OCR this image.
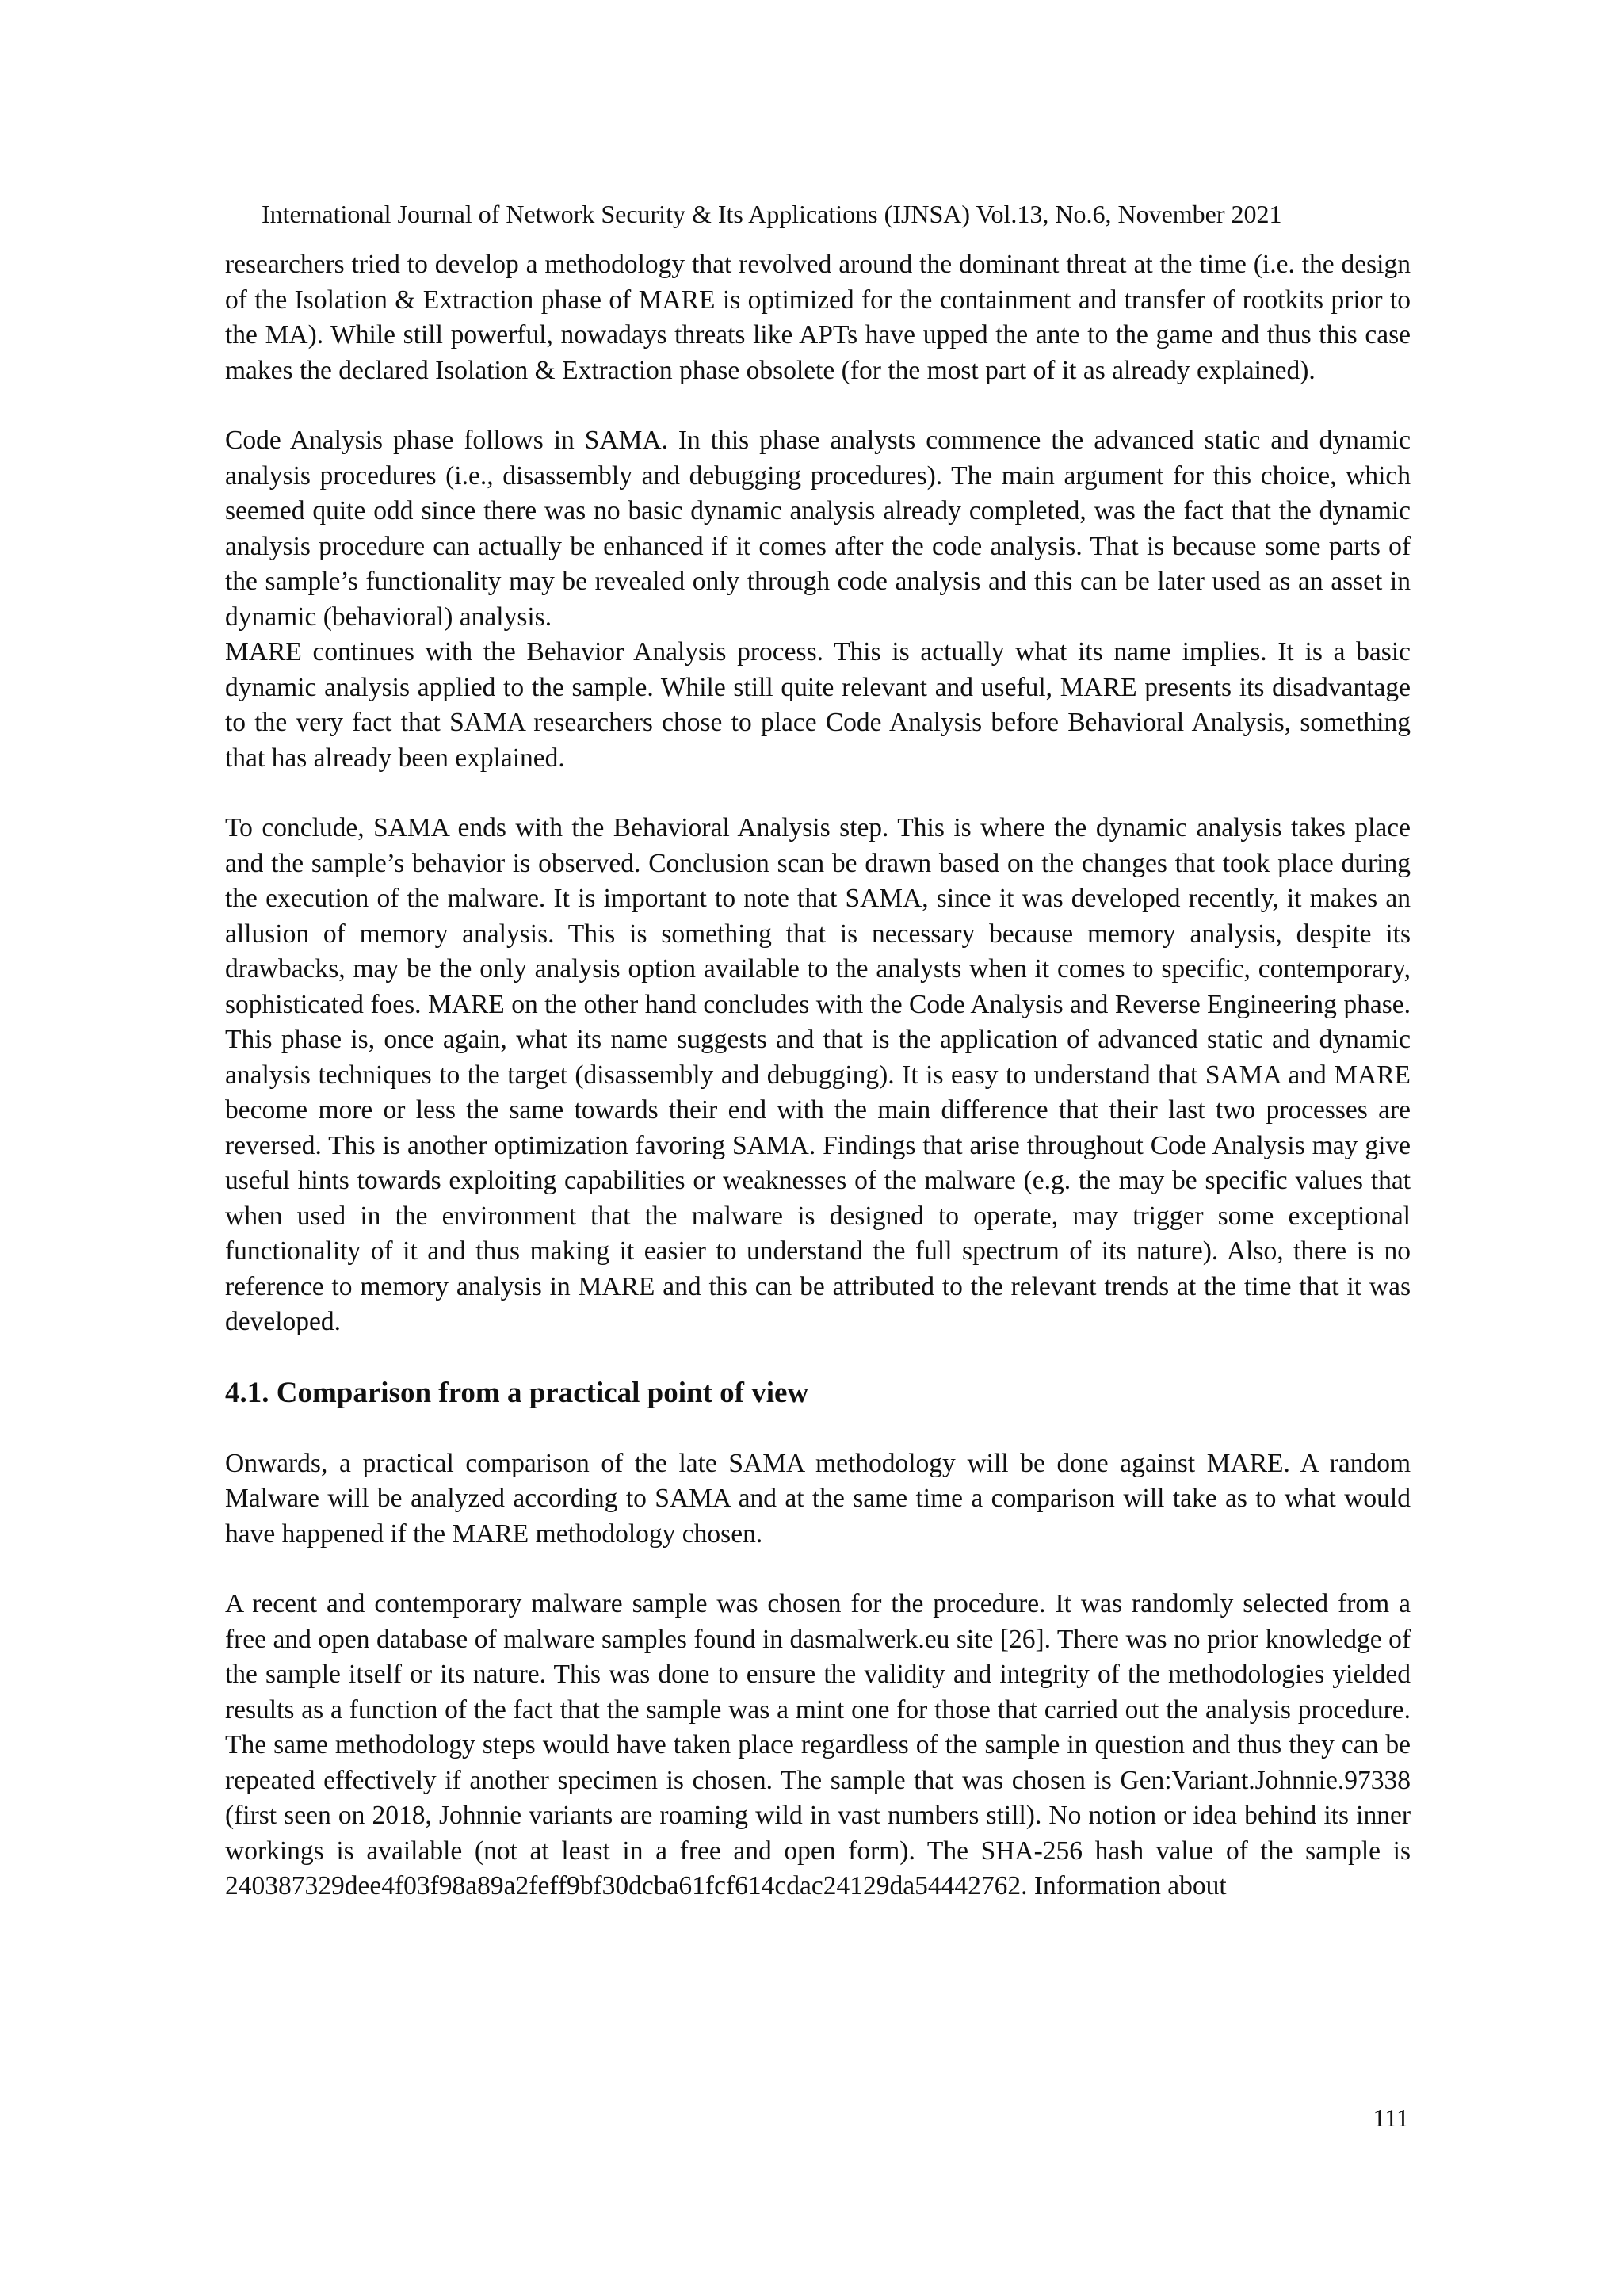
International Journal of Network Security & Its Applications (IJNSA) Vol.13, No.6, November 2021

researchers tried to develop a methodology that revolved around the dominant threat at the time (i.e. the design of the Isolation & Extraction phase of MARE is optimized for the containment and transfer of rootkits prior to the MA). While still powerful, nowadays threats like APTs have upped the ante to the game and thus this case makes the declared Isolation & Extraction phase obsolete (for the most part of it as already explained).

Code Analysis phase follows in SAMA. In this phase analysts commence the advanced static and dynamic analysis procedures (i.e., disassembly and debugging procedures). The main argument for this choice, which seemed quite odd since there was no basic dynamic analysis already completed, was the fact that the dynamic analysis procedure can actually be enhanced if it comes after the code analysis. That is because some parts of the sample’s functionality may be revealed only through code analysis and this can be later used as an asset in dynamic (behavioral) analysis.

MARE continues with the Behavior Analysis process. This is actually what its name implies. It is a basic dynamic analysis applied to the sample. While still quite relevant and useful, MARE presents its disadvantage to the very fact that SAMA researchers chose to place Code Analysis before Behavioral Analysis, something that has already been explained.

To conclude, SAMA ends with the Behavioral Analysis step. This is where the dynamic analysis takes place and the sample’s behavior is observed. Conclusion scan be drawn based on the changes that took place during the execution of the malware. It is important to note that SAMA, since it was developed recently, it makes an allusion of memory analysis. This is something that is necessary because memory analysis, despite its drawbacks, may be the only analysis option available to the analysts when it comes to specific, contemporary, sophisticated foes. MARE on the other hand concludes with the Code Analysis and Reverse Engineering phase. This phase is, once again, what its name suggests and that is the application of advanced static and dynamic analysis techniques to the target (disassembly and debugging). It is easy to understand that SAMA and MARE become more or less the same towards their end with the main difference that their last two processes are reversed. This is another optimization favoring SAMA. Findings that arise throughout Code Analysis may give useful hints towards exploiting capabilities or weaknesses of the malware (e.g. the may be specific values that when used in the environment that the malware is designed to operate, may trigger some exceptional functionality of it and thus making it easier to understand the full spectrum of its nature). Also, there is no reference to memory analysis in MARE and this can be attributed to the relevant trends at the time that it was developed.

4.1. Comparison from a practical point of view

Onwards, a practical comparison of the late SAMA methodology will be done against MARE. A random Malware will be analyzed according to SAMA and at the same time a comparison will take as to what would have happened if the MARE methodology chosen.

A recent and contemporary malware sample was chosen for the procedure. It was randomly selected from a free and open database of malware samples found in dasmalwerk.eu site [26]. There was no prior knowledge of the sample itself or its nature. This was done to ensure the validity and integrity of the methodologies yielded results as a function of the fact that the sample was a mint one for those that carried out the analysis procedure. The same methodology steps would have taken place regardless of the sample in question and thus they can be repeated effectively if another specimen is chosen. The sample that was chosen is Gen:Variant.Johnnie.97338 (first seen on 2018, Johnnie variants are roaming wild in vast numbers still). No notion or idea behind its inner workings is available (not at least in a free and open form). The SHA-256 hash value of the sample is 240387329dee4f03f98a89a2feff9bf30dcba61fcf614cdac24129da54442762. Information about

111
